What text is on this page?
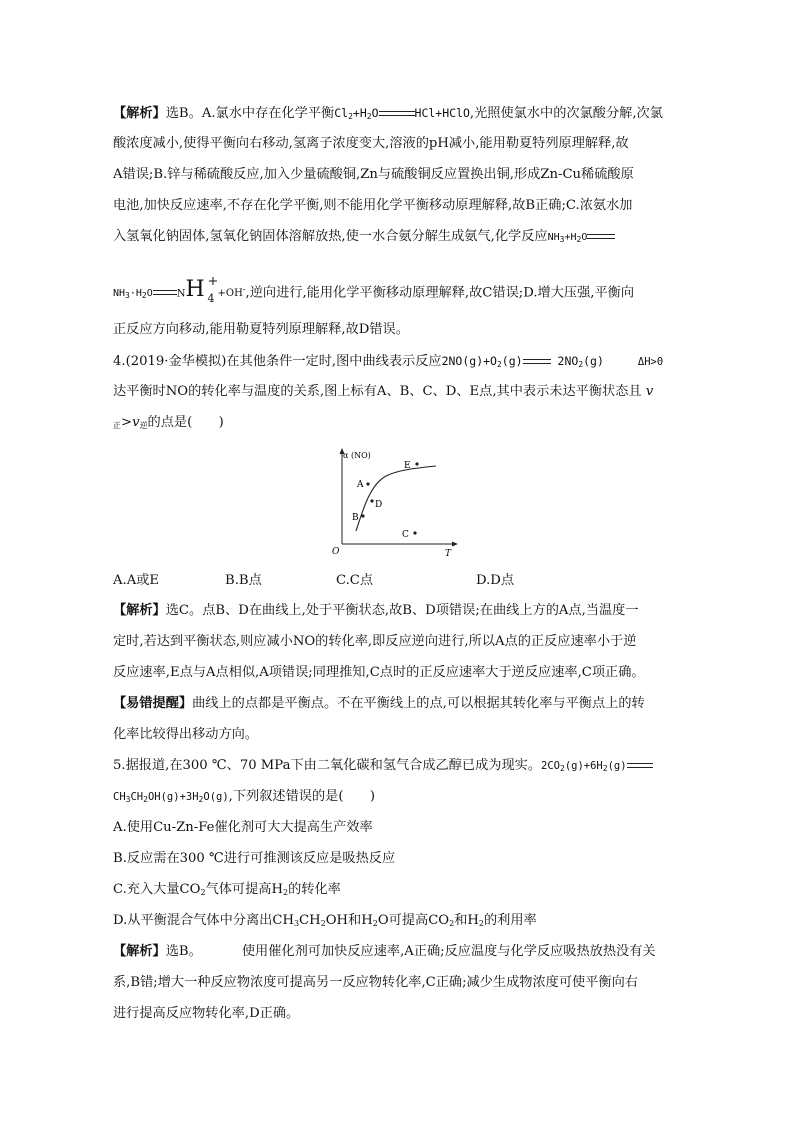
【解析】选B。A.氯水中存在化学平衡$Cl_2+H_2O$	HCl+HClO,光照使氯水中的次氯酸分解,次氯
酸浓度减小,使得平衡向右移动,氢离子浓度变大,溶液的pH减小,能用勒夏特列原理解释,故
A错误;B.锌与稀硫酸反应,加入少量硫酸铜,Zn与硫酸铜反应置换出铜,形成Zn-Cu稀硫酸原
电池,加快反应速率,不存在化学平衡,则不能用化学平衡移动原理解释,故B正确;C.浓氨水加
入氢氧化钠固体,氢氧化钠固体溶解放热,使一水合氨分解生成氨气,化学反应$NH_3+H_2O$
$NH_3\cdot H_2O$ NH +
4 +OH-,逆向进行,能用化学平衡移动原理解释,故C错误;D.增大压强,平衡向
正反应方向移动,能用勒夏特列原理解释,故D错误。
4.(2019·金华模拟)在其他条件一定时,图中曲线表示反应$2NO(g)+O_2(g)$	$2NO_2(g)$	ΔH>0
达平衡时NO的转化率与温度的关系,图上标有A、B、C、D、E点,其中表示未达平衡状态且 v
$_正>v_逆$的点是(　　)
α (NO)
T
O
A
B
D
C
E
A.A或E	B.B点	C.C点	D.D点
【解析】选C。点B、D在曲线上,处于平衡状态,故B、D项错误;在曲线上方的A点,当温度一
定时,若达到平衡状态,则应减小NO的转化率,即反应逆向进行,所以A点的正反应速率小于逆
反应速率,E点与A点相似,A项错误;同理推知,C点时的正反应速率大于逆反应速率,C项正确。
【易错提醒】曲线上的点都是平衡点。不在平衡线上的点,可以根据其转化率与平衡点上的转
化率比较得出移动方向。
5.据报道,在300 ℃、70 MPa下由二氧化碳和氢气合成乙醇已成为现实。$2CO_2(g)+6H_2(g)$
$CH_3CH_2OH(g)+3H_2O(g)$,下列叙述错误的是(　　)
A.使用Cu-Zn-Fe催化剂可大大提高生产效率
B.反应需在300 ℃进行可推测该反应是吸热反应
C.充入大量$CO_2$气体可提高$H_2$的转化率
D.从平衡混合气体中分离出$CH_3CH_2OH$和$H_2O$可提高$CO_2$和$H_2$的利用率
【解析】选B。	使用催化剂可加快反应速率,A正确;反应温度与化学反应吸热放热没有关
系,B错;增大一种反应物浓度可提高另一反应物转化率,C正确;减少生成物浓度可使平衡向右
进行提高反应物转化率,D正确。
